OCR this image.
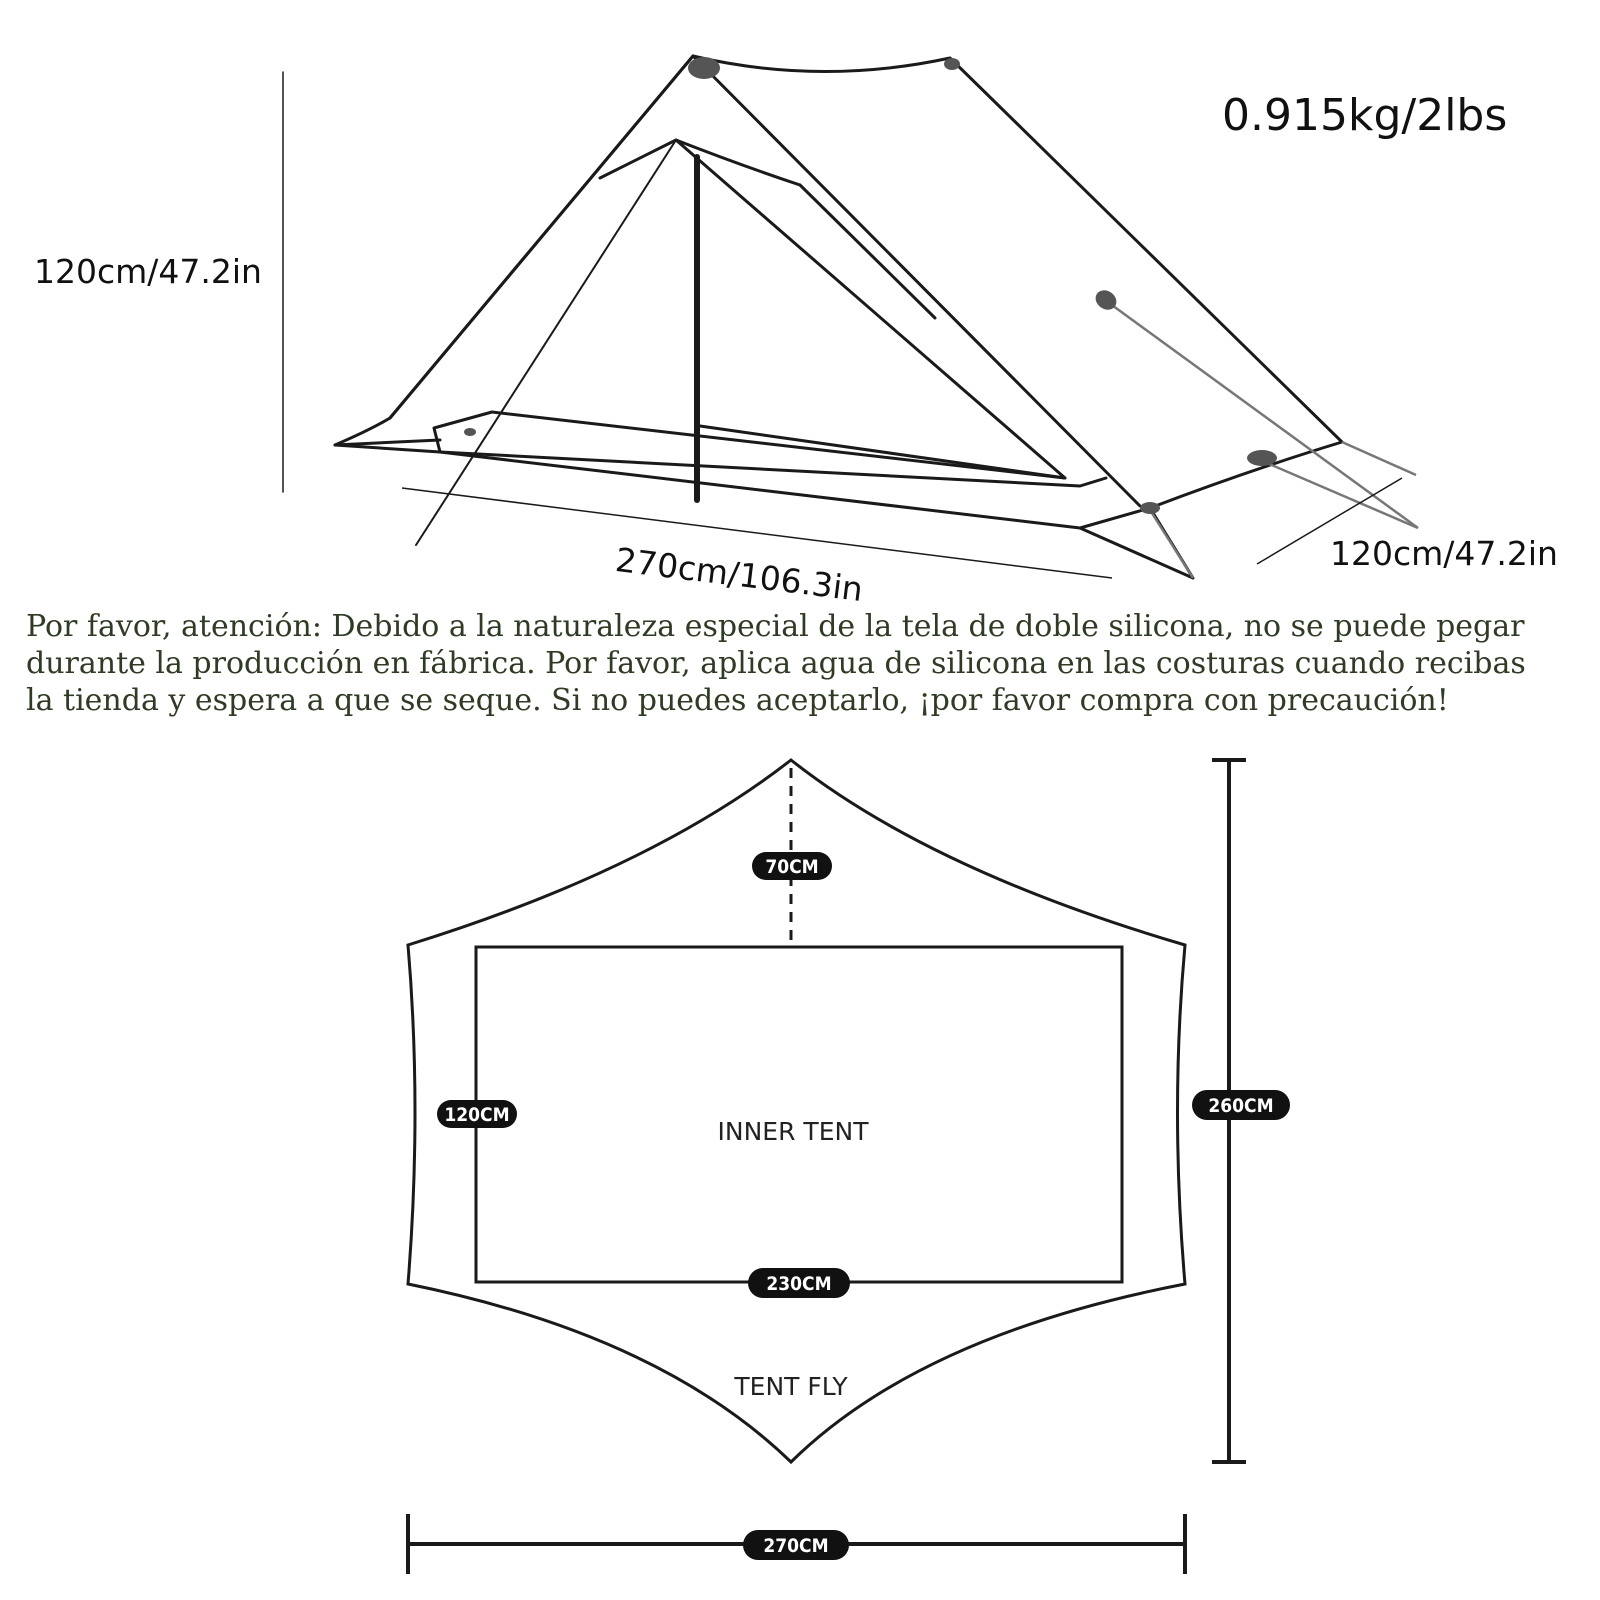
70CM
120CM	260CM
230CM
270CM
INNER TENT
TENT FLY
0.915kg/2lbs
120cm/47.2in
270cm/106.3in	120cm/47.2in

Por favor, atención: Debido a la naturaleza especial de la tela de doble silicona, no se puede pegar
durante la producción en fábrica. Por favor, aplica agua de silicona en las costuras cuando recibas
la tienda y espera a que se seque. Si no puedes aceptarlo, ¡por favor compra con precaución!
